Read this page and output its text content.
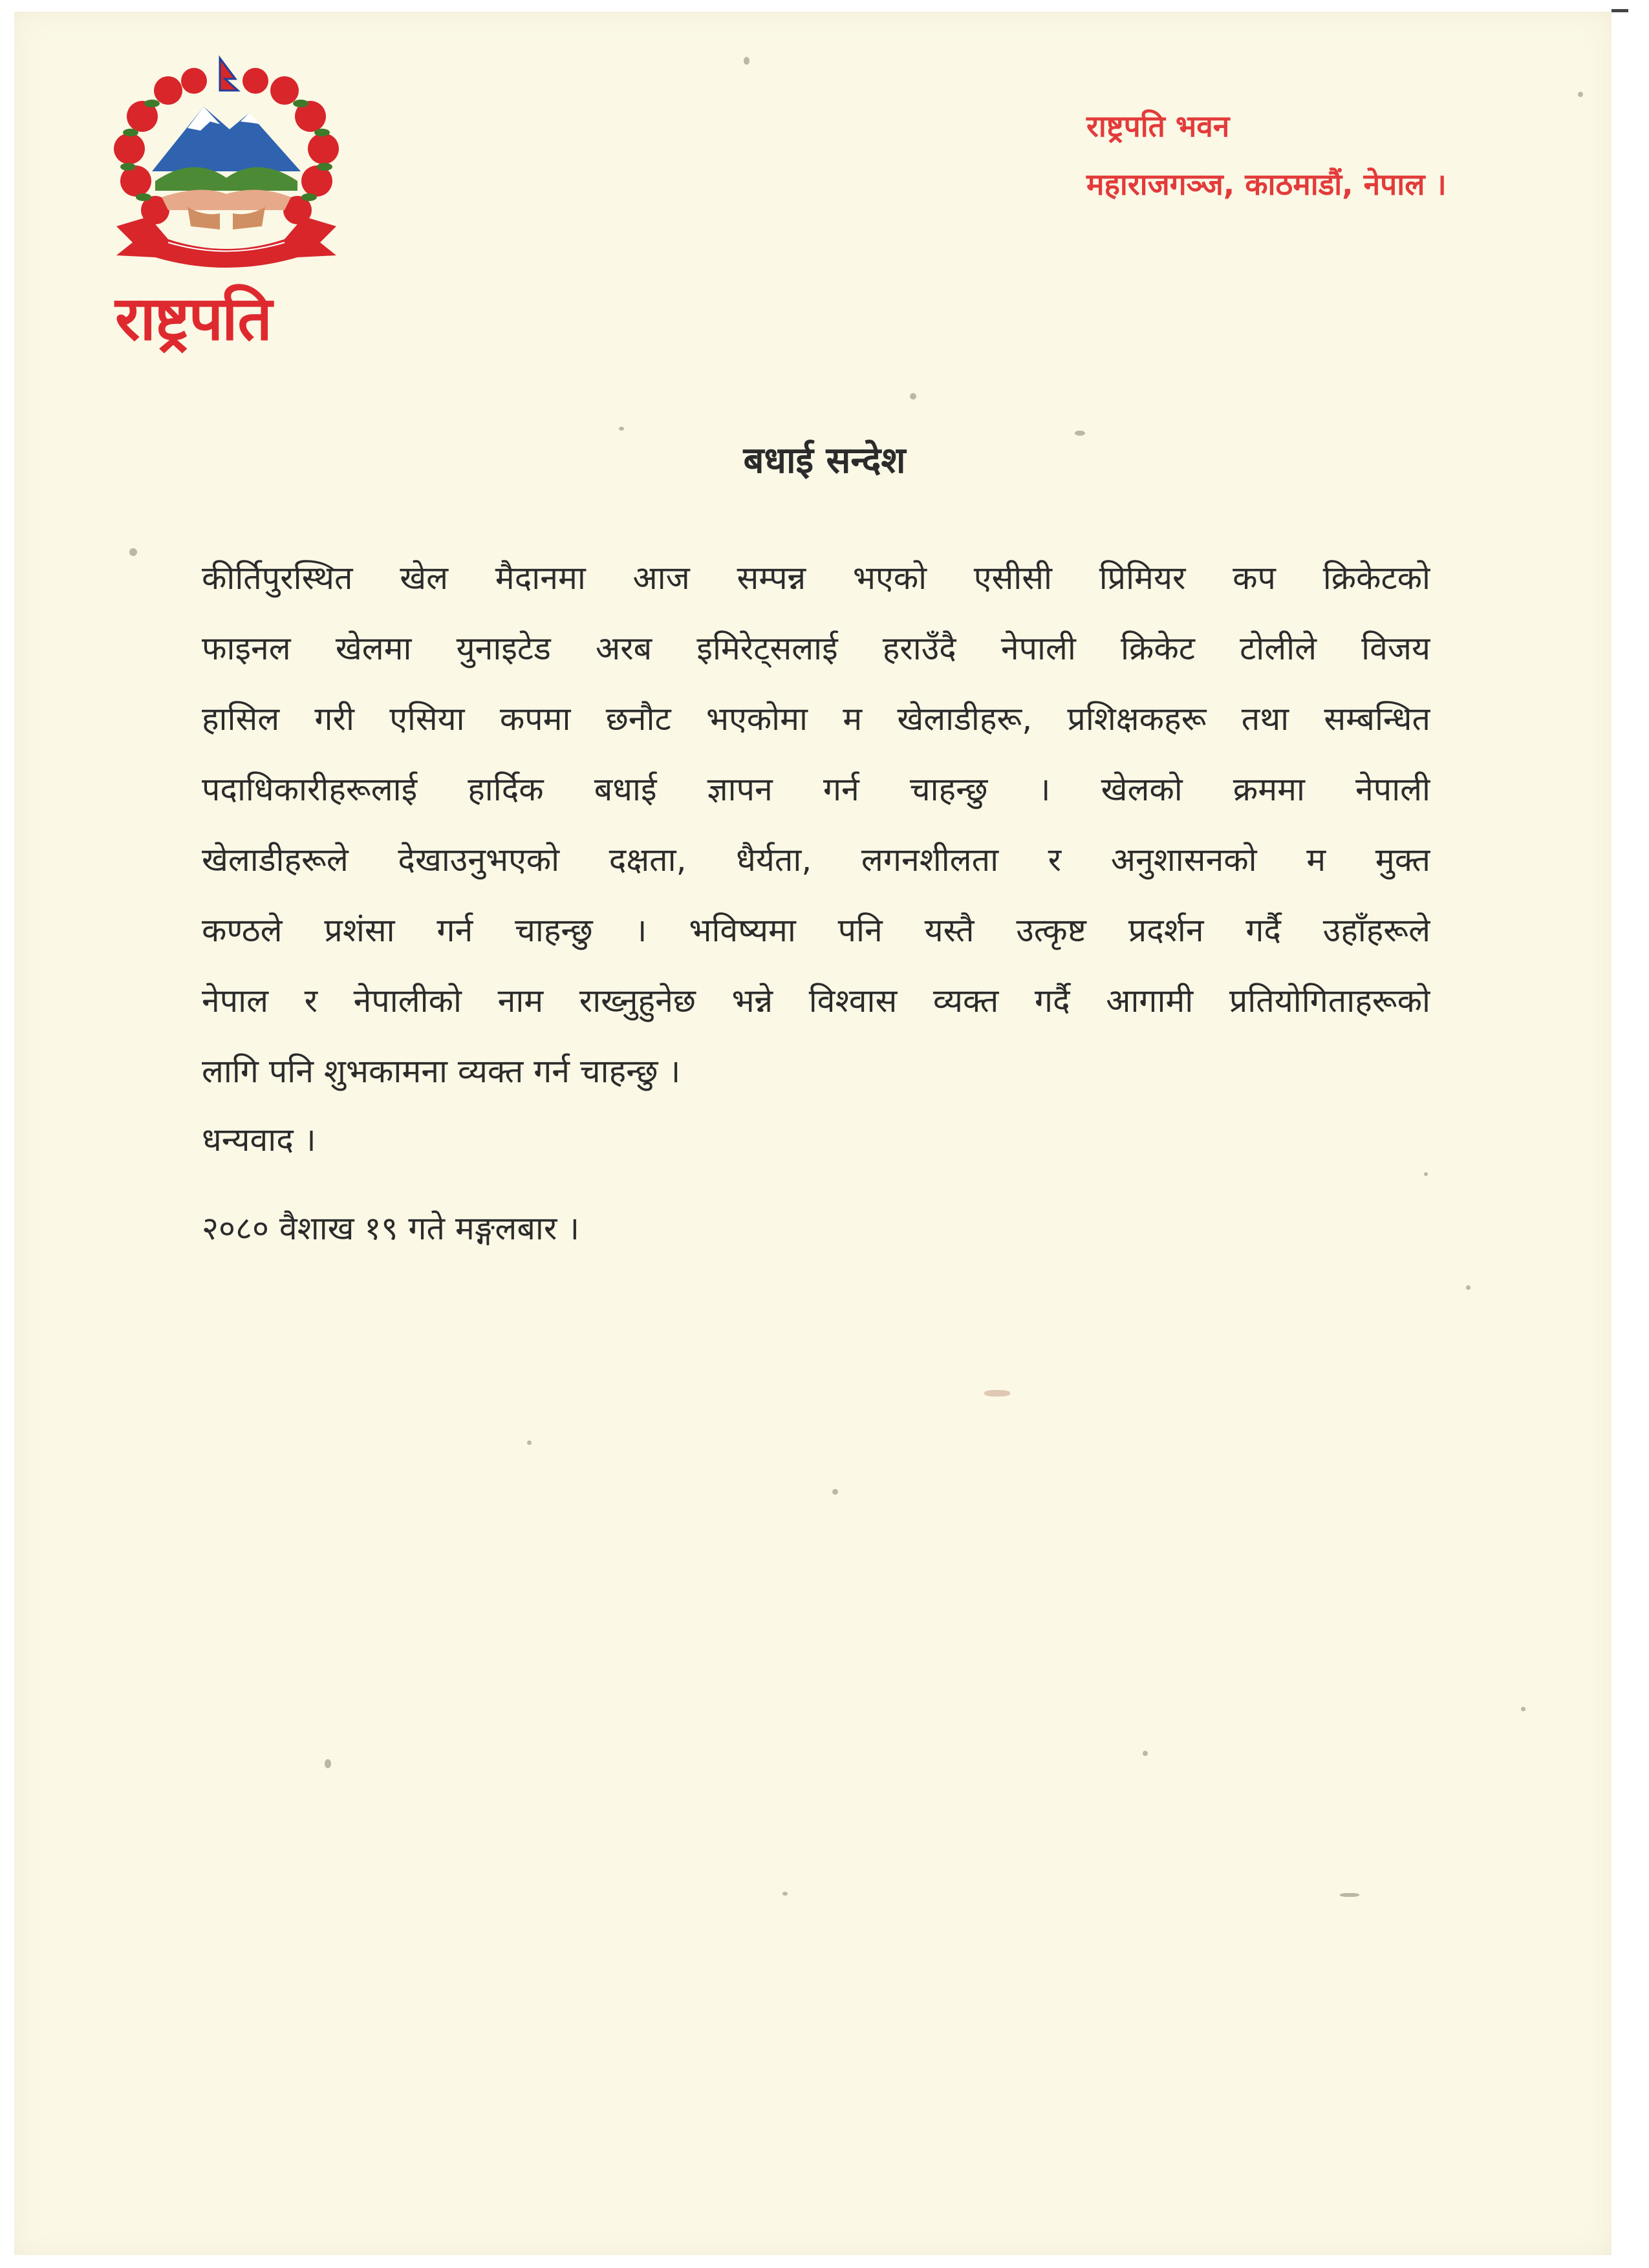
राष्ट्रपति
राष्ट्रपति भवन
महाराजगञ्ज, काठमाडौं, नेपाल ।
बधाई सन्देश
कीर्तिपुरस्थित खेल मैदानमा आज सम्पन्न भएको एसीसी प्रिमियर कप क्रिकेटको
फाइनल खेलमा युनाइटेड अरब इमिरेट्सलाई हराउँदै नेपाली क्रिकेट टोलीले विजय
हासिल गरी एसिया कपमा छनौट भएकोमा म खेलाडीहरू, प्रशिक्षकहरू तथा सम्बन्धित
पदाधिकारीहरूलाई हार्दिक बधाई ज्ञापन गर्न चाहन्छु । खेलको क्रममा नेपाली
खेलाडीहरूले देखाउनुभएको दक्षता, धैर्यता, लगनशीलता र अनुशासनको म मुक्त
कण्ठले प्रशंसा गर्न चाहन्छु । भविष्यमा पनि यस्तै उत्कृष्ट प्रदर्शन गर्दै उहाँहरूले
नेपाल र नेपालीको नाम राख्नुहुनेछ भन्ने विश्वास व्यक्त गर्दै आगामी प्रतियोगिताहरूको
लागि पनि शुभकामना व्यक्त गर्न चाहन्छु ।
धन्यवाद ।
२०८० वैशाख १९ गते मङ्गलबार ।
